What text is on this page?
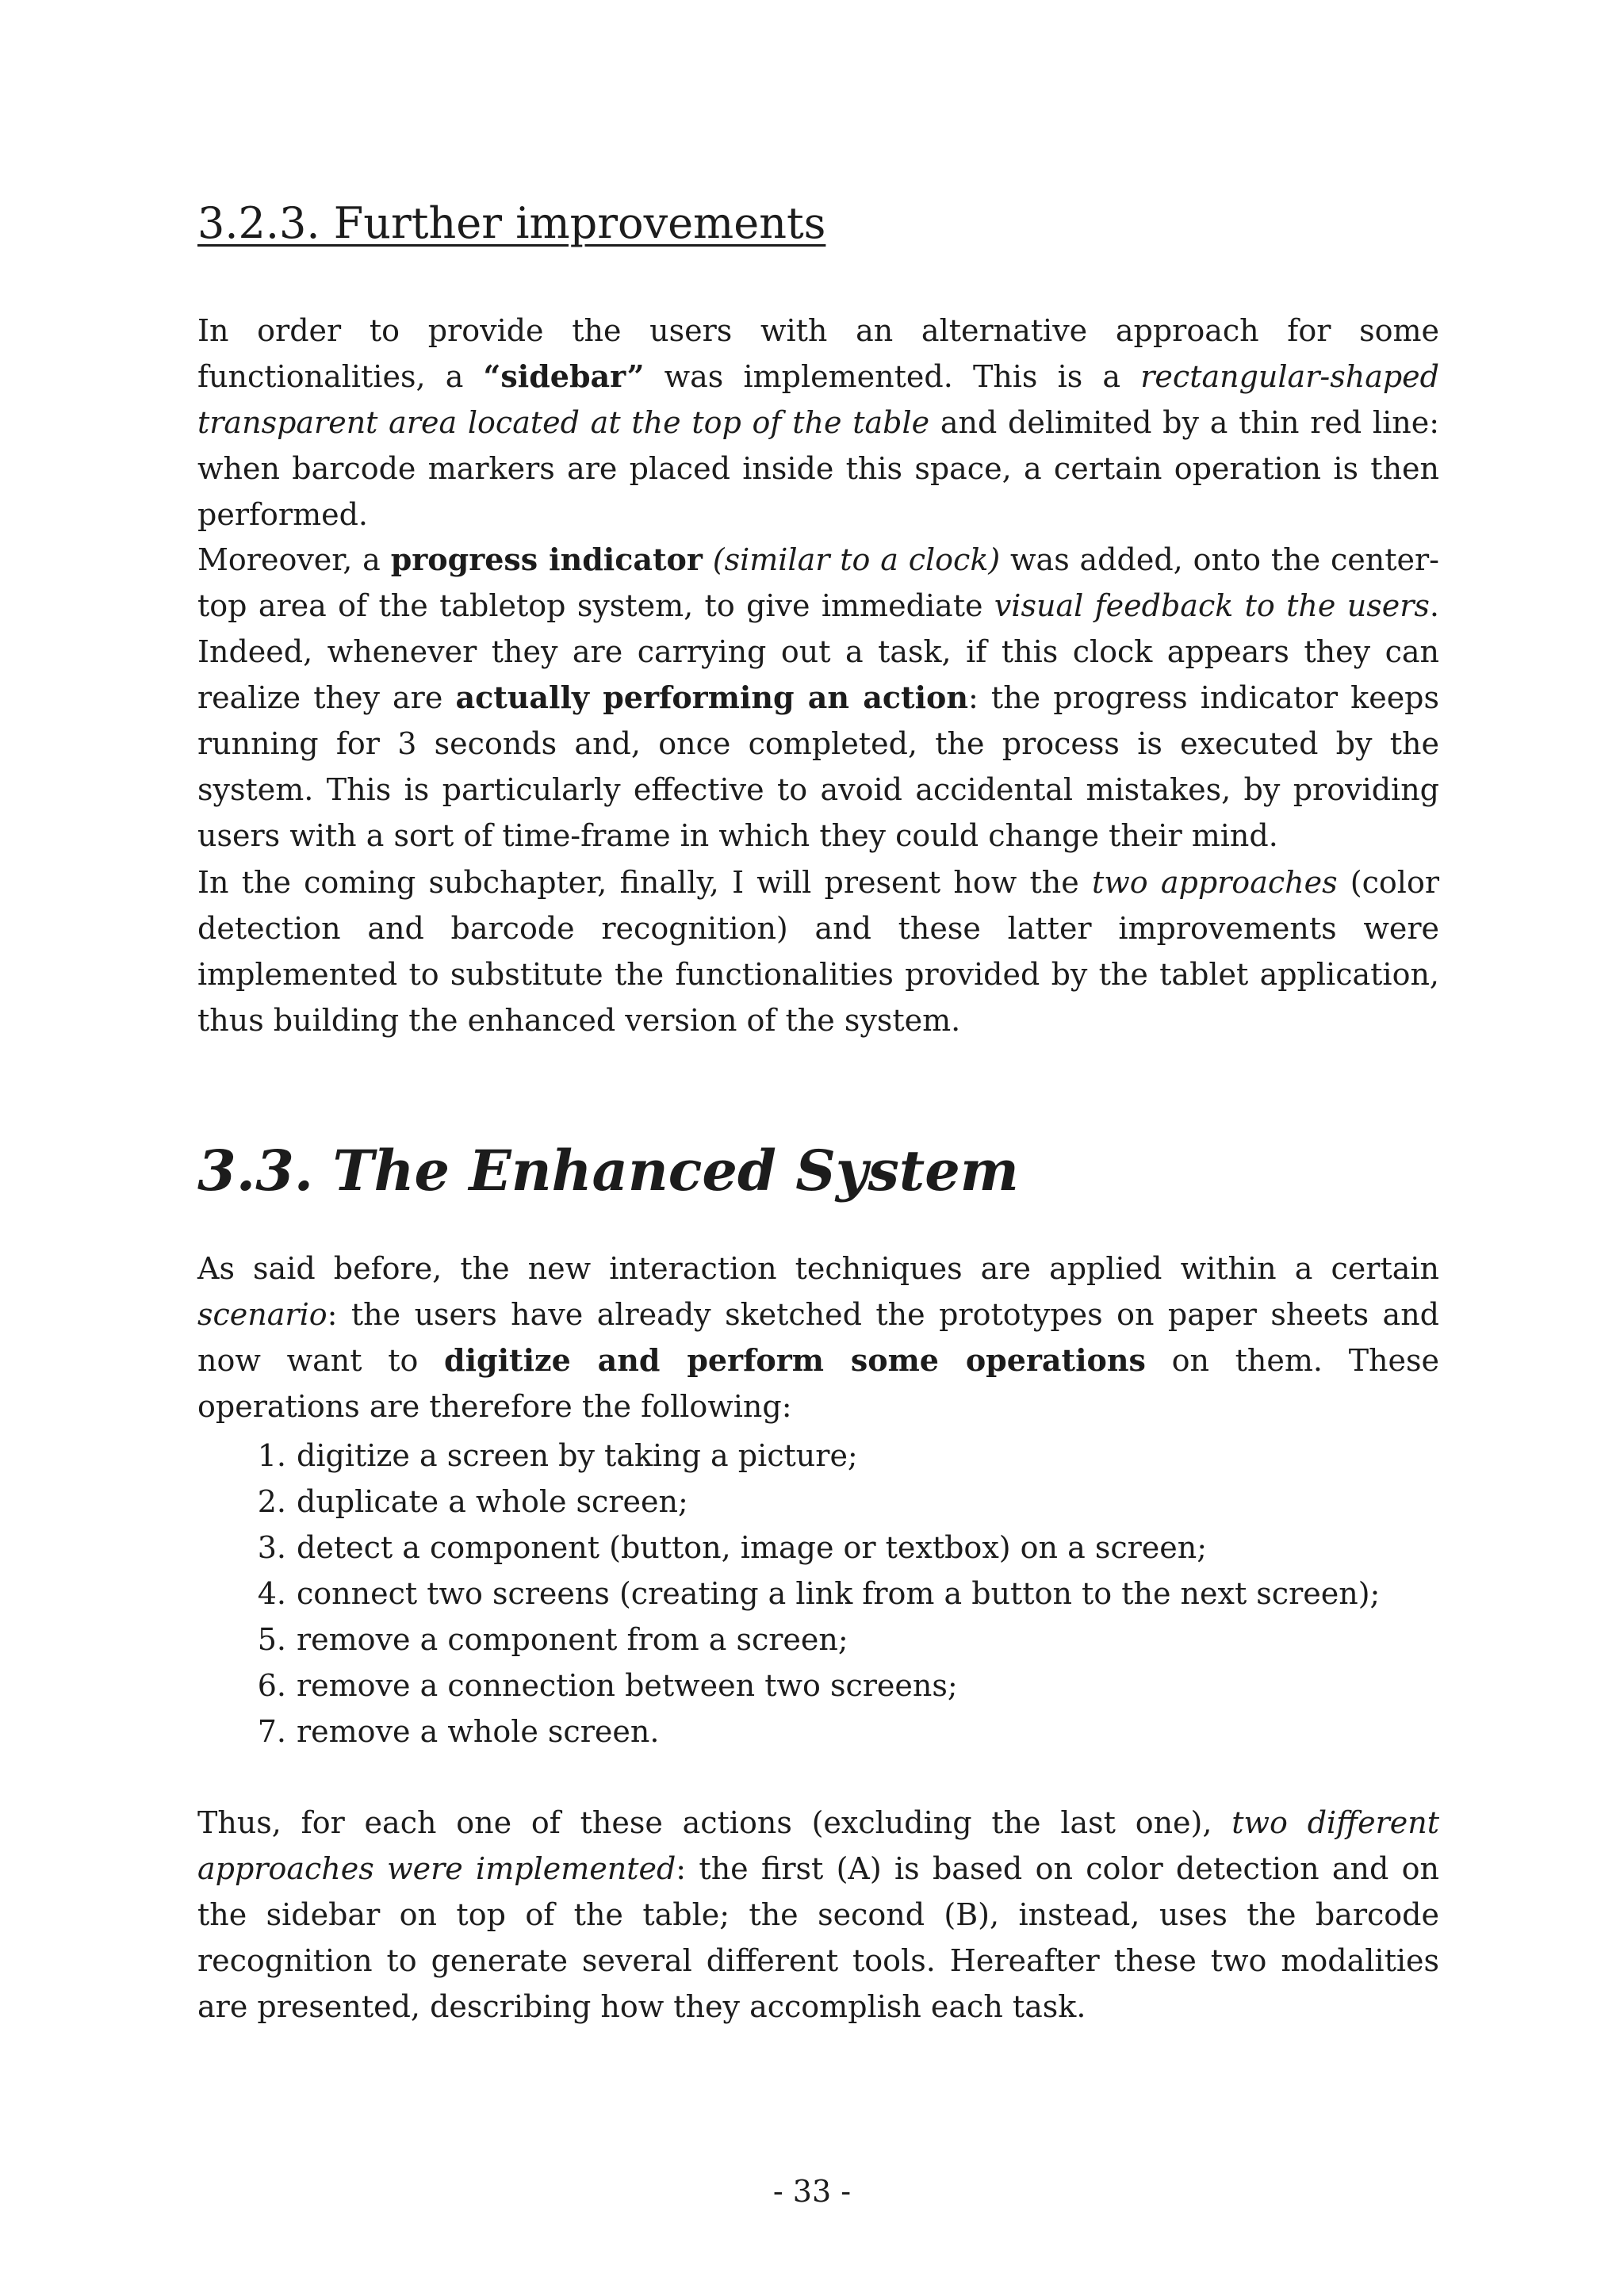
3.2.3. Further improvements

In order to provide the users with an alternative approach for some functionalities, a “sidebar” was implemented. This is a rectangular-shaped transparent area located at the top of the table and delimited by a thin red line: when barcode markers are placed inside this space, a certain operation is then performed.

Moreover, a progress indicator (similar to a clock) was added, onto the center-top area of the tabletop system, to give immediate visual feedback to the users. Indeed, whenever they are carrying out a task, if this clock appears they can realize they are actually performing an action: the progress indicator keeps running for 3 seconds and, once completed, the process is executed by the system. This is particularly effective to avoid accidental mistakes, by providing users with a sort of time-frame in which they could change their mind.

In the coming subchapter, finally, I will present how the two approaches (color detection and barcode recognition) and these latter improvements were implemented to substitute the functionalities provided by the tablet application, thus building the enhanced version of the system.

3.3. The Enhanced System

As said before, the new interaction techniques are applied within a certain scenario: the users have already sketched the prototypes on paper sheets and now want to digitize and perform some operations on them. These operations are therefore the following:

1. digitize a screen by taking a picture;
2. duplicate a whole screen;
3. detect a component (button, image or textbox) on a screen;
4. connect two screens (creating a link from a button to the next screen);
5. remove a component from a screen;
6. remove a connection between two screens;
7. remove a whole screen.

Thus, for each one of these actions (excluding the last one), two different approaches were implemented: the first (A) is based on color detection and on the sidebar on top of the table; the second (B), instead, uses the barcode recognition to generate several different tools. Hereafter these two modalities are presented, describing how they accomplish each task.

- 33 -
